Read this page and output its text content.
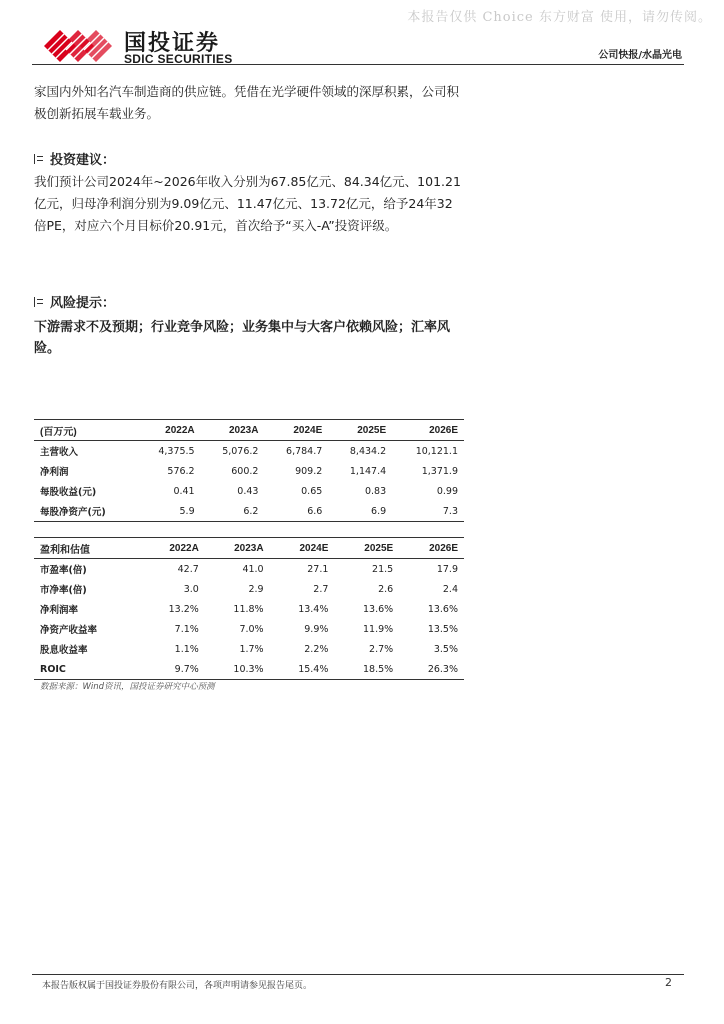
本报告仅供 Choice 东方财富 使用，请勿传阅。
国投证券
SDIC SECURITIES	公司快报/水晶光电
家国内外知名汽车制造商的供应链。凭借在光学硬件领域的深厚积累，公司积极创新拓展车载业务。
投资建议：
我们预计公司2024年~2026年收入分别为67.85亿元、84.34亿元、101.21亿元，归母净利润分别为9.09亿元、11.47亿元、13.72亿元，给予24年32倍PE，对应六个月目标价20.91元，首次给予“买入-A”投资评级。
风险提示：
下游需求不及预期；行业竞争风险；业务集中与大客户依赖风险；汇率风险。
(百万元)	2022A	2023A	2024E	2025E	2026E
主营收入	4,375.5	5,076.2	6,784.7	8,434.2	10,121.1
净利润	576.2	600.2	909.2	1,147.4	1,371.9
每股收益(元)	0.41	0.43	0.65	0.83	0.99
每股净资产(元)	5.9	6.2	6.6	6.9	7.3
盈利和估值	2022A	2023A	2024E	2025E	2026E
市盈率(倍)	42.7	41.0	27.1	21.5	17.9
市净率(倍)	3.0	2.9	2.7	2.6	2.4
净利润率	13.2%	11.8%	13.4%	13.6%	13.6%
净资产收益率	7.1%	7.0%	9.9%	11.9%	13.5%
股息收益率	1.1%	1.7%	2.2%	2.7%	3.5%
ROIC	9.7%	10.3%	15.4%	18.5%	26.3%
数据来源：Wind资讯，国投证券研究中心预测
本报告版权属于国投证券股份有限公司，各项声明请参见报告尾页。	2
